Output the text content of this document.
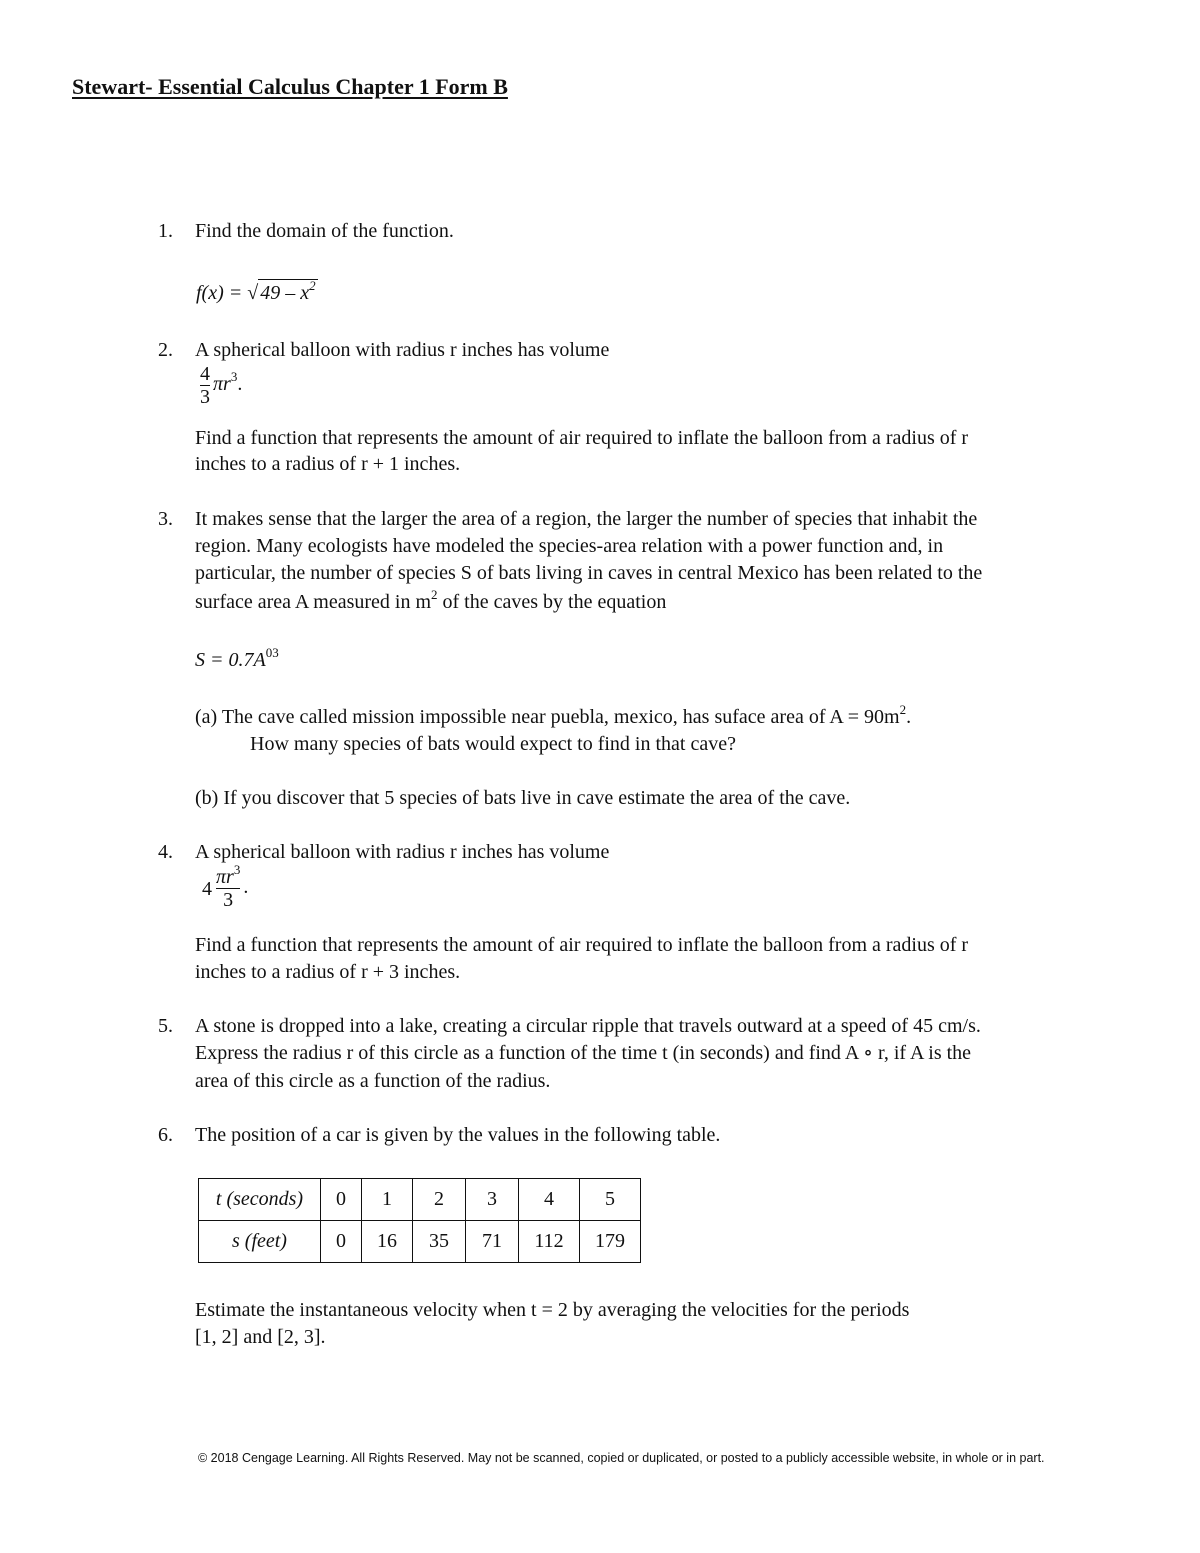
Stewart- Essential Calculus Chapter 1 Form B
1. Find the domain of the function.
f(x) = √ $49 - x^2$
2. A spherical balloon with radius r inches has volume
$\frac{4}{3} \pi r^3$.
Find a function that represents the amount of air required to inflate the balloon from a radius of r
inches to a radius of r + 1 inches.
3. It makes sense that the larger the area of a region, the larger the number of species that inhabit the
region. Many ecologists have modeled the species-area relation with a power function and, in
particular, the number of species S of bats living in caves in central Mexico has been related to the
surface area A measured in $m^2$ of the caves by the equation
$S = 0.7A^{03}$
(a) The cave called mission impossible near puebla, mexico, has suface area of $A = 90m^2$.
How many species of bats would expect to find in that cave?
(b) If you discover that 5 species of bats live in cave estimate the area of the cave.
4. A spherical balloon with radius r inches has volume
$4 \frac{\pi r^3}{3}$ .
Find a function that represents the amount of air required to inflate the balloon from a radius of r
inches to a radius of r + 3 inches.
5. A stone is dropped into a lake, creating a circular ripple that travels outward at a speed of 45 cm/s.
Express the radius r of this circle as a function of the time t (in seconds) and find A ∘ r, if A is the
area of this circle as a function of the radius.
6. The position of a car is given by the values in the following table.
t (seconds)	0	1	2	3	4	5
s (feet)	0	16	35	71	112	179
Estimate the instantaneous velocity when t = 2 by averaging the velocities for the periods
[1, 2] and [2, 3].
© 2018 Cengage Learning. All Rights Reserved. May not be scanned, copied or duplicated, or posted to a publicly accessible website, in whole or in part.
